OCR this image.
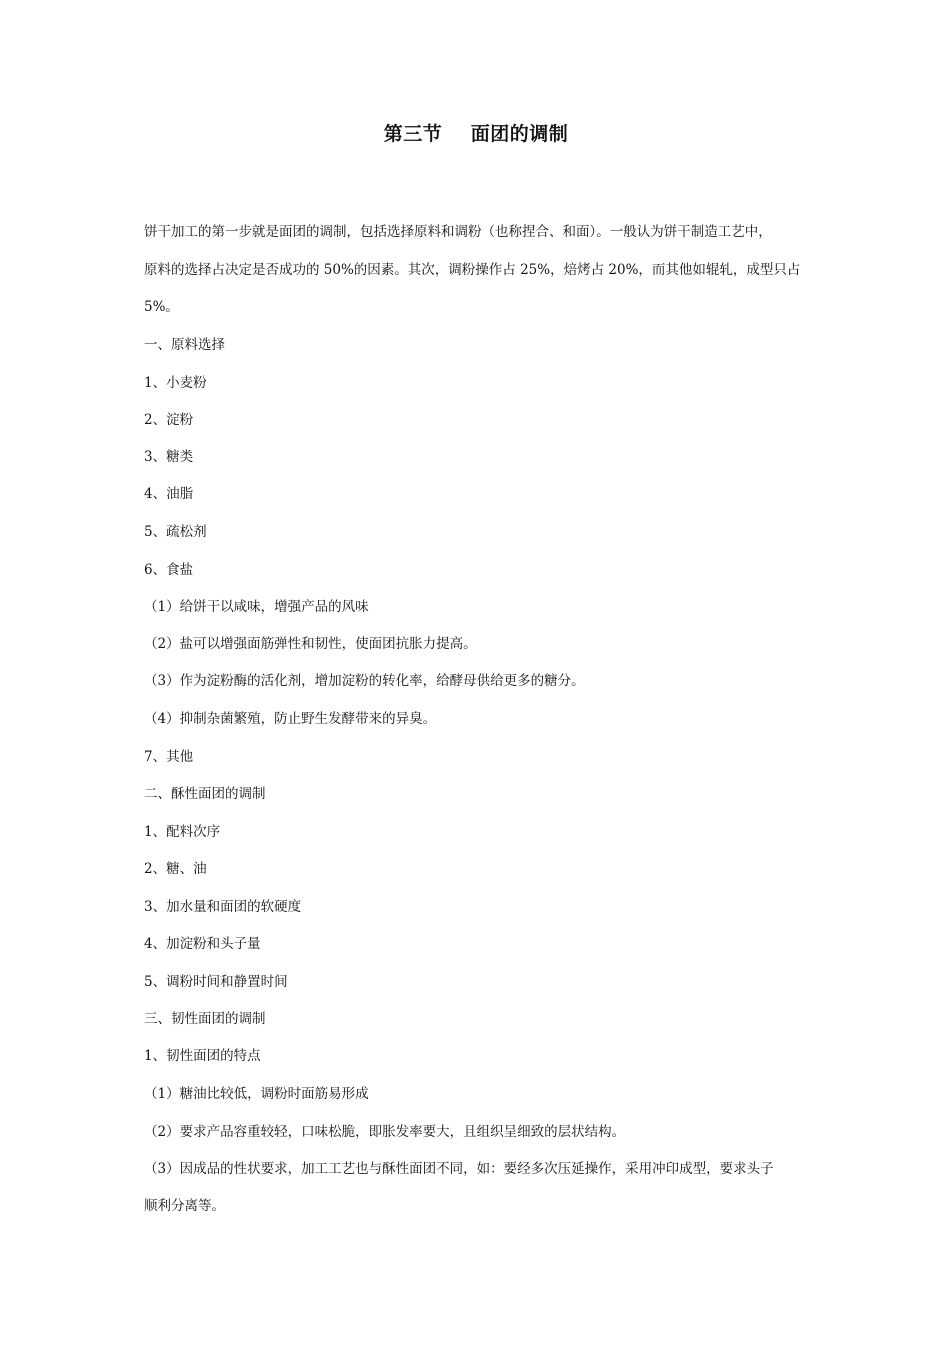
第三节    面团的调制
饼干加工的第一步就是面团的调制，包括选择原料和调粉（也称捏合、和面）。一般认为饼干制造工艺中，
原料的选择占决定是否成功的 50%的因素。其次，调粉操作占 25%，焙烤占 20%，而其他如辊轧，成型只占
5%。
一、原料选择
1、小麦粉
2、淀粉
3、糖类
4、油脂
5、疏松剂
6、食盐
（1）给饼干以咸味，增强产品的风味
（2）盐可以增强面筋弹性和韧性，使面团抗胀力提高。
（3）作为淀粉酶的活化剂，增加淀粉的转化率，给酵母供给更多的糖分。
（4）抑制杂菌繁殖，防止野生发酵带来的异臭。
7、其他
二、酥性面团的调制
1、配料次序
2、糖、油
3、加水量和面团的软硬度
4、加淀粉和头子量
5、调粉时间和静置时间
三、韧性面团的调制
1、韧性面团的特点
（1）糖油比较低，调粉时面筋易形成
（2）要求产品容重较轻，口味松脆，即胀发率要大，且组织呈细致的层状结构。
（3）因成品的性状要求，加工工艺也与酥性面团不同，如：要经多次压延操作，采用冲印成型，要求头子
顺利分离等。
